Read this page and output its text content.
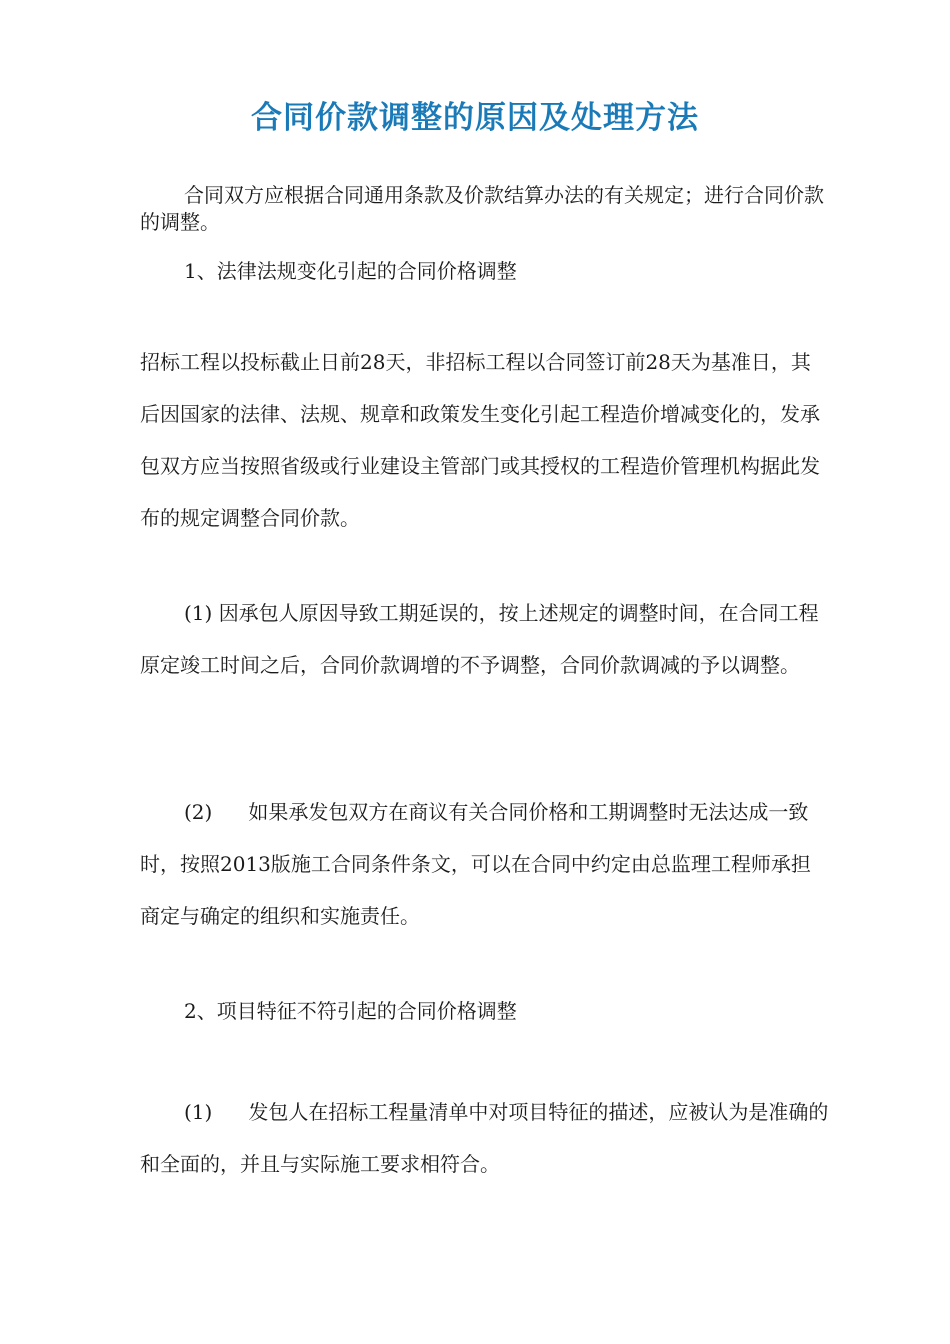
合同价款调整的原因及处理方法

合同双方应根据合同通用条款及价款结算办法的有关规定；进行合同价款的调整。

1、法律法规变化引起的合同价格调整

招标工程以投标截止日前28天，非招标工程以合同签订前28天为基准日，其后因国家的法律、法规、规章和政策发生变化引起工程造价增减变化的，发承包双方应当按照省级或行业建设主管部门或其授权的工程造价管理机构据此发布的规定调整合同价款。

(1) 因承包人原因导致工期延误的，按上述规定的调整时间，在合同工程原定竣工时间之后，合同价款调增的不予调整，合同价款调减的予以调整。

(2) 如果承发包双方在商议有关合同价格和工期调整时无法达成一致时，按照2013版施工合同条件条文，可以在合同中约定由总监理工程师承担商定与确定的组织和实施责任。

2、项目特征不符引起的合同价格调整

(1) 发包人在招标工程量清单中对项目特征的描述，应被认为是准确的和全面的，并且与实际施工要求相符合。
